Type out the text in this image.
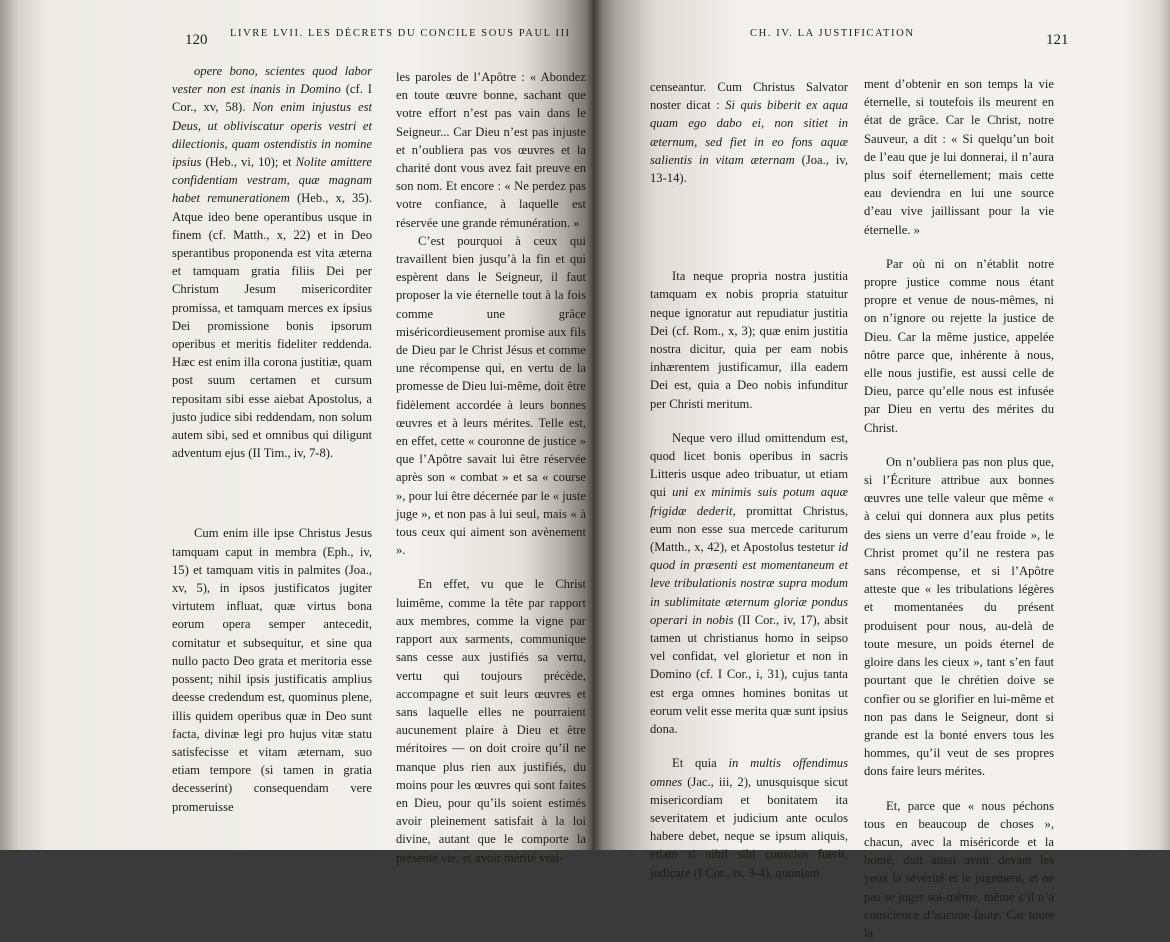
120 LIVRE LVII. LES DÉCRETS DU CONCILE SOUS PAUL III

opere bono, scientes quod labor vester non est inanis in Domino (cf. I Cor., xv, 58). Non enim injustus est Deus, ut obliviscatur operis vestri et dilectionis, quam ostendistis in nomine ipsius (Heb., vi, 10); et Nolite amittere confidentiam vestram, quæ magnam habet remunerationem (Heb., x, 35). Atque ideo bene operantibus usque in finem (cf. Matth., x, 22) et in Deo sperantibus proponenda est vita æterna et tamquam gratia filiis Dei per Christum Jesum misericorditer promissa, et tamquam merces ex ipsius Dei promissione bonis ipsorum operibus et meritis fideliter reddenda. Hæc est enim illa corona justitiæ, quam post suum certamen et cursum repositam sibi esse aiebat Apostolus, a justo judice sibi reddendam, non solum autem sibi, sed et omnibus qui diligunt adventum ejus (II Tim., iv, 7-8).

Cum enim ille ipse Christus Jesus tamquam caput in membra (Eph., iv, 15) et tamquam vitis in palmites (Joa., xv, 5), in ipsos justificatos jugiter virtutem influat, quæ virtus bona eorum opera semper antecedit, comitatur et subsequitur, et sine qua nullo pacto Deo grata et meritoria esse possent; nihil ipsis justificatis amplius deesse credendum est, quominus plene, illis quidem operibus quæ in Deo sunt facta, divinæ legi pro hujus vitæ statu satisfecisse et vitam æternam, suo etiam tempore (si tamen in gratia decesserint) consequendam vere promeruisse

les paroles de l’Apôtre : « Abondez en toute œuvre bonne, sachant que votre effort n’est pas vain dans le Seigneur... Car Dieu n’est pas injuste et n’oubliera pas vos œuvres et la charité dont vous avez fait preuve en son nom. Et encore : « Ne perdez pas votre confiance, à laquelle est réservée une grande rémunération. »

C’est pourquoi à ceux qui travaillent bien jusqu’à la fin et qui espèrent dans le Seigneur, il faut proposer la vie éternelle tout à la fois comme une grâce miséricordieusement promise aux fils de Dieu par le Christ Jésus et comme une récompense qui, en vertu de la promesse de Dieu lui-même, doit être fidèlement accordée à leurs bonnes œuvres et à leurs mérites. Telle est, en effet, cette « couronne de justice » que l’Apôtre savait lui être réservée après son « combat » et sa « course », pour lui être décernée par le « juste juge », et non pas à lui seul, mais « à tous ceux qui aiment son avènement ».

En effet, vu que le Christ luimême, comme la tête par rapport aux membres, comme la vigne par rapport aux sarments, communique sans cesse aux justifiés sa vertu, vertu qui toujours précède, accompagne et suit leurs œuvres et sans laquelle elles ne pourraient aucunement plaire à Dieu et être méritoires — on doit croire qu’il ne manque plus rien aux justifiés, du moins pour les œuvres qui sont faites en Dieu, pour qu’ils soient estimés avoir pleinement satisfait à la loi divine, autant que le comporte la présente vie, et avoir mérité vrai-

CH. IV. LA JUSTIFICATION	121

censeantur. Cum Christus Salvator noster dicat : Si quis biberit ex aqua quam ego dabo ei, non sitiet in æternum, sed fiet in eo fons aquæ salientis in vitam æternam (Joa., iv, 13-14).

Ita neque propria nostra justitia tamquam ex nobis propria statuitur neque ignoratur aut repudiatur justitia Dei (cf. Rom., x, 3); quæ enim justitia nostra dicitur, quia per eam nobis inhærentem justificamur, illa eadem Dei est, quia a Deo nobis infunditur per Christi meritum.

Neque vero illud omittendum est, quod licet bonis operibus in sacris Litteris usque adeo tribuatur, ut etiam qui uni ex minimis suis potum aquæ frigidæ dederit, promittat Christus, eum non esse sua mercede cariturum (Matth., x, 42), et Apostolus testetur id quod in præsenti est momentaneum et leve tribulationis nostræ supra modum in sublimitate æternum gloriæ pondus operari in nobis (II Cor., iv, 17), absit tamen ut christianus homo in seipso vel confidat, vel glorietur et non in Domino (cf. I Cor., i, 31), cujus tanta est erga omnes homines bonitas ut eorum velit esse merita quæ sunt ipsius dona.

Et quia in multis offendimus omnes (Jac., iii, 2), unusquisque sicut misericordiam et bonitatem ita severitatem et judicium ante oculos habere debet, neque se ipsum aliquis, etiam si nihil sibi conscius fuerit, judicare (I Cor., iv, 3-4), quoniam

ment d’obtenir en son temps la vie éternelle, si toutefois ils meurent en état de grâce. Car le Christ, notre Sauveur, a dit : « Si quelqu’un boit de l’eau que je lui donnerai, il n’aura plus soif éternellement; mais cette eau deviendra en lui une source d’eau vive jaillissant pour la vie éternelle. »

Par où ni on n’établit notre propre justice comme nous étant propre et venue de nous-mêmes, ni on n’ignore ou rejette la justice de Dieu. Car la même justice, appelée nôtre parce que, inhérente à nous, elle nous justifie, est aussi celle de Dieu, parce qu’elle nous est infusée par Dieu en vertu des mérites du Christ.

On n’oubliera pas non plus que, si l’Écriture attribue aux bonnes œuvres une telle valeur que même « à celui qui donnera aux plus petits des siens un verre d’eau froide », le Christ promet qu’il ne restera pas sans récompense, et si l’Apôtre atteste que « les tribulations légères et momentanées du présent produisent pour nous, au-delà de toute mesure, un poids éternel de gloire dans les cieux », tant s’en faut pourtant que le chrétien doive se confier ou se glorifier en lui-même et non pas dans le Seigneur, dont si grande est la bonté envers tous les hommes, qu’il veut de ses propres dons faire leurs mérites.

Et, parce que « nous péchons tous en beaucoup de choses », chacun, avec la miséricorde et la bonté, doit aussi avoir devant les yeux la sévérité et le jugement, et ne pas se juger soi-même, même s’il n’a conscience d’aucune faute. Car toute la
